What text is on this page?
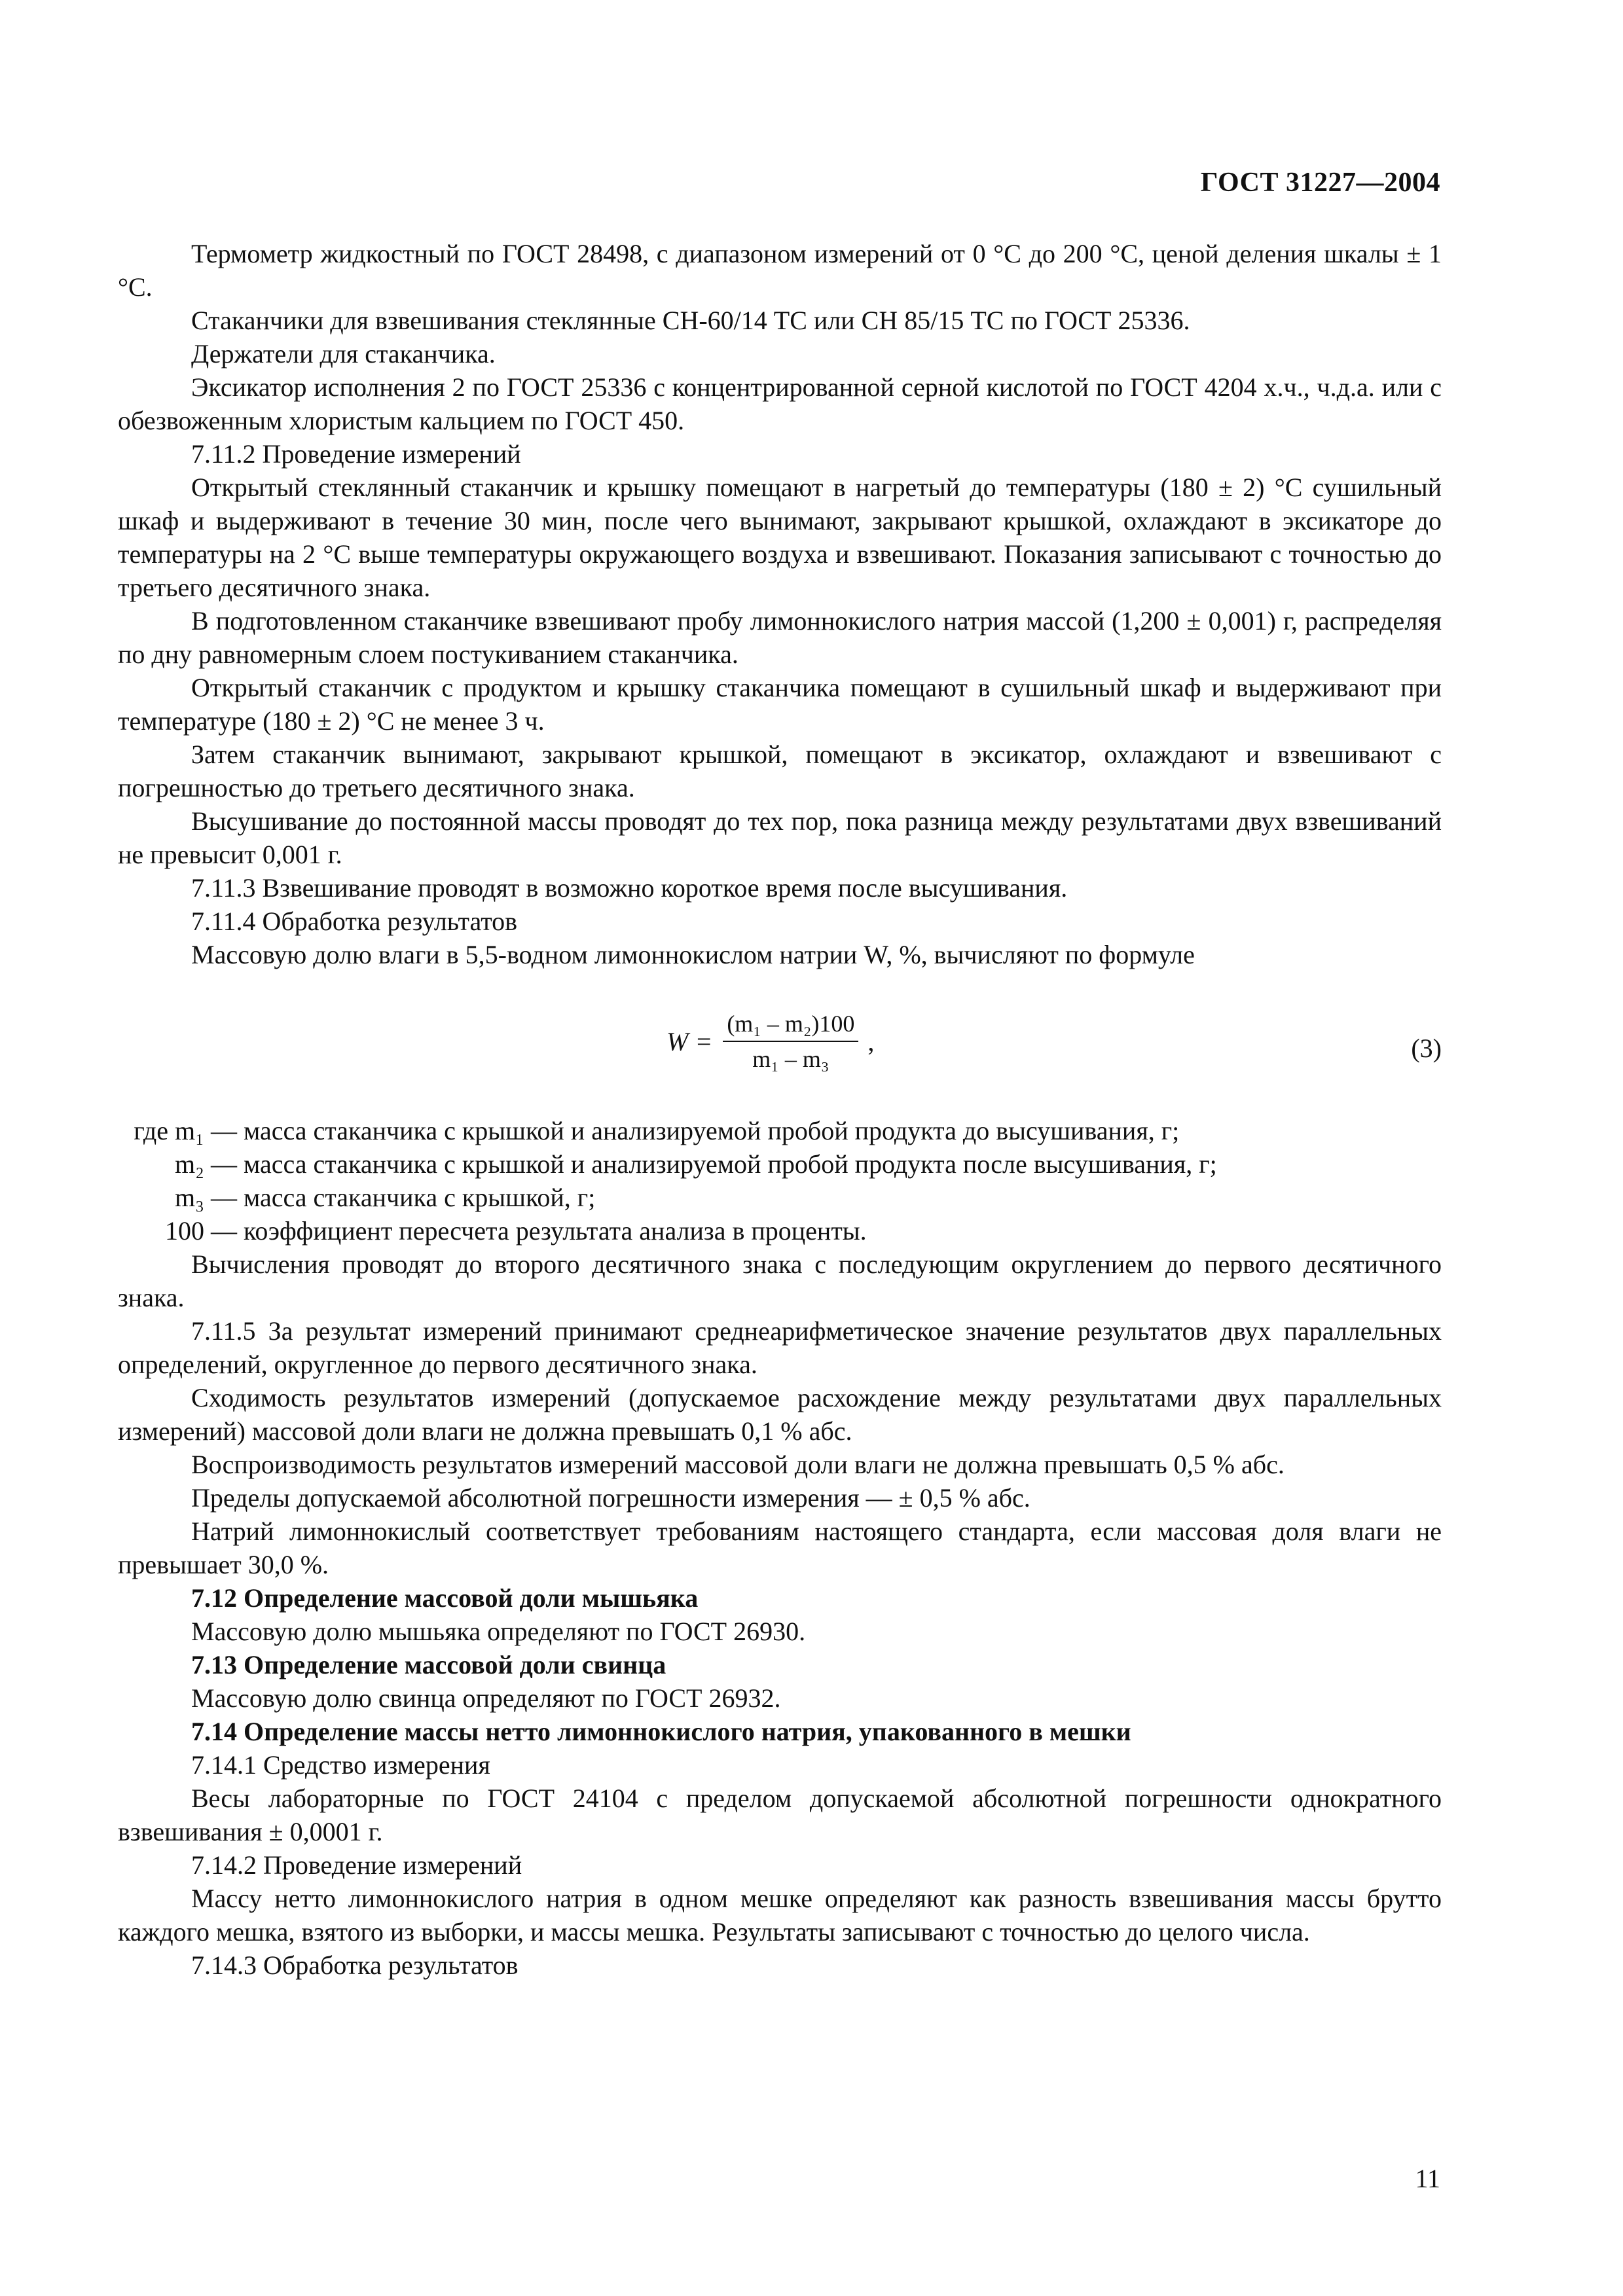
ГОСТ 31227—2004

Термометр жидкостный по ГОСТ 28498, с диапазоном измерений от 0 °С до 200 °С, ценой деления шкалы ± 1 °С.

Стаканчики для взвешивания стеклянные СН-60/14 ТС или СН 85/15 ТС по ГОСТ 25336.

Держатели для стаканчика.

Эксикатор исполнения 2 по ГОСТ 25336 с концентрированной серной кислотой по ГОСТ 4204 х.ч., ч.д.а. или с обезвоженным хлористым кальцием по ГОСТ 450.

7.11.2 Проведение измерений

Открытый стеклянный стаканчик и крышку помещают в нагретый до температуры (180 ± 2) °С сушильный шкаф и выдерживают в течение 30 мин, после чего вынимают, закрывают крышкой, охлаждают в эксикаторе до температуры на 2 °С выше температуры окружающего воздуха и взвешивают. Показания записывают с точностью до третьего десятичного знака.

В подготовленном стаканчике взвешивают пробу лимоннокислого натрия массой (1,200 ± 0,001) г, распределяя по дну равномерным слоем постукиванием стаканчика.

Открытый стаканчик с продуктом и крышку стаканчика помещают в сушильный шкаф и выдерживают при температуре (180 ± 2) °С не менее 3 ч.

Затем стаканчик вынимают, закрывают крышкой, помещают в эксикатор, охлаждают и взвешивают с погрешностью до третьего десятичного знака.

Высушивание до постоянной массы проводят до тех пор, пока разница между результатами двух взвешиваний не превысит 0,001 г.

7.11.3 Взвешивание проводят в возможно короткое время после высушивания.

7.11.4 Обработка результатов

Массовую долю влаги в 5,5-водном лимоннокислом натрии W, %, вычисляют по формуле

$W = \frac{\text{(m₁ – m₂)100}}{\text{m₁ – m₃}}$ ,	(3)
где m₁ — масса стаканчика с крышкой и анализируемой пробой продукта до высушивания, г;
m₂ — масса стаканчика с крышкой и анализируемой пробой продукта после высушивания, г;
m₃ — масса стаканчика с крышкой, г;
100 — коэффициент пересчета результата анализа в проценты.

Вычисления проводят до второго десятичного знака с последующим округлением до первого десятичного знака.

7.11.5 За результат измерений принимают среднеарифметическое значение результатов двух параллельных определений, округленное до первого десятичного знака.

Сходимость результатов измерений (допускаемое расхождение между результатами двух параллельных измерений) массовой доли влаги не должна превышать 0,1 % абс.

Воспроизводимость результатов измерений массовой доли влаги не должна превышать 0,5 % абс.

Пределы допускаемой абсолютной погрешности измерения — ± 0,5 % абс.

Натрий лимоннокислый соответствует требованиям настоящего стандарта, если массовая доля влаги не превышает 30,0 %.

7.12 Определение массовой доли мышьяка

Массовую долю мышьяка определяют по ГОСТ 26930.

7.13 Определение массовой доли свинца

Массовую долю свинца определяют по ГОСТ 26932.

7.14 Определение массы нетто лимоннокислого натрия, упакованного в мешки

7.14.1 Средство измерения

Весы лабораторные по ГОСТ 24104 с пределом допускаемой абсолютной погрешности однократного взвешивания ± 0,0001 г.

7.14.2 Проведение измерений

Массу нетто лимоннокислого натрия в одном мешке определяют как разность взвешивания массы брутто каждого мешка, взятого из выборки, и массы мешка. Результаты записывают с точностью до целого числа.

7.14.3 Обработка результатов

11
